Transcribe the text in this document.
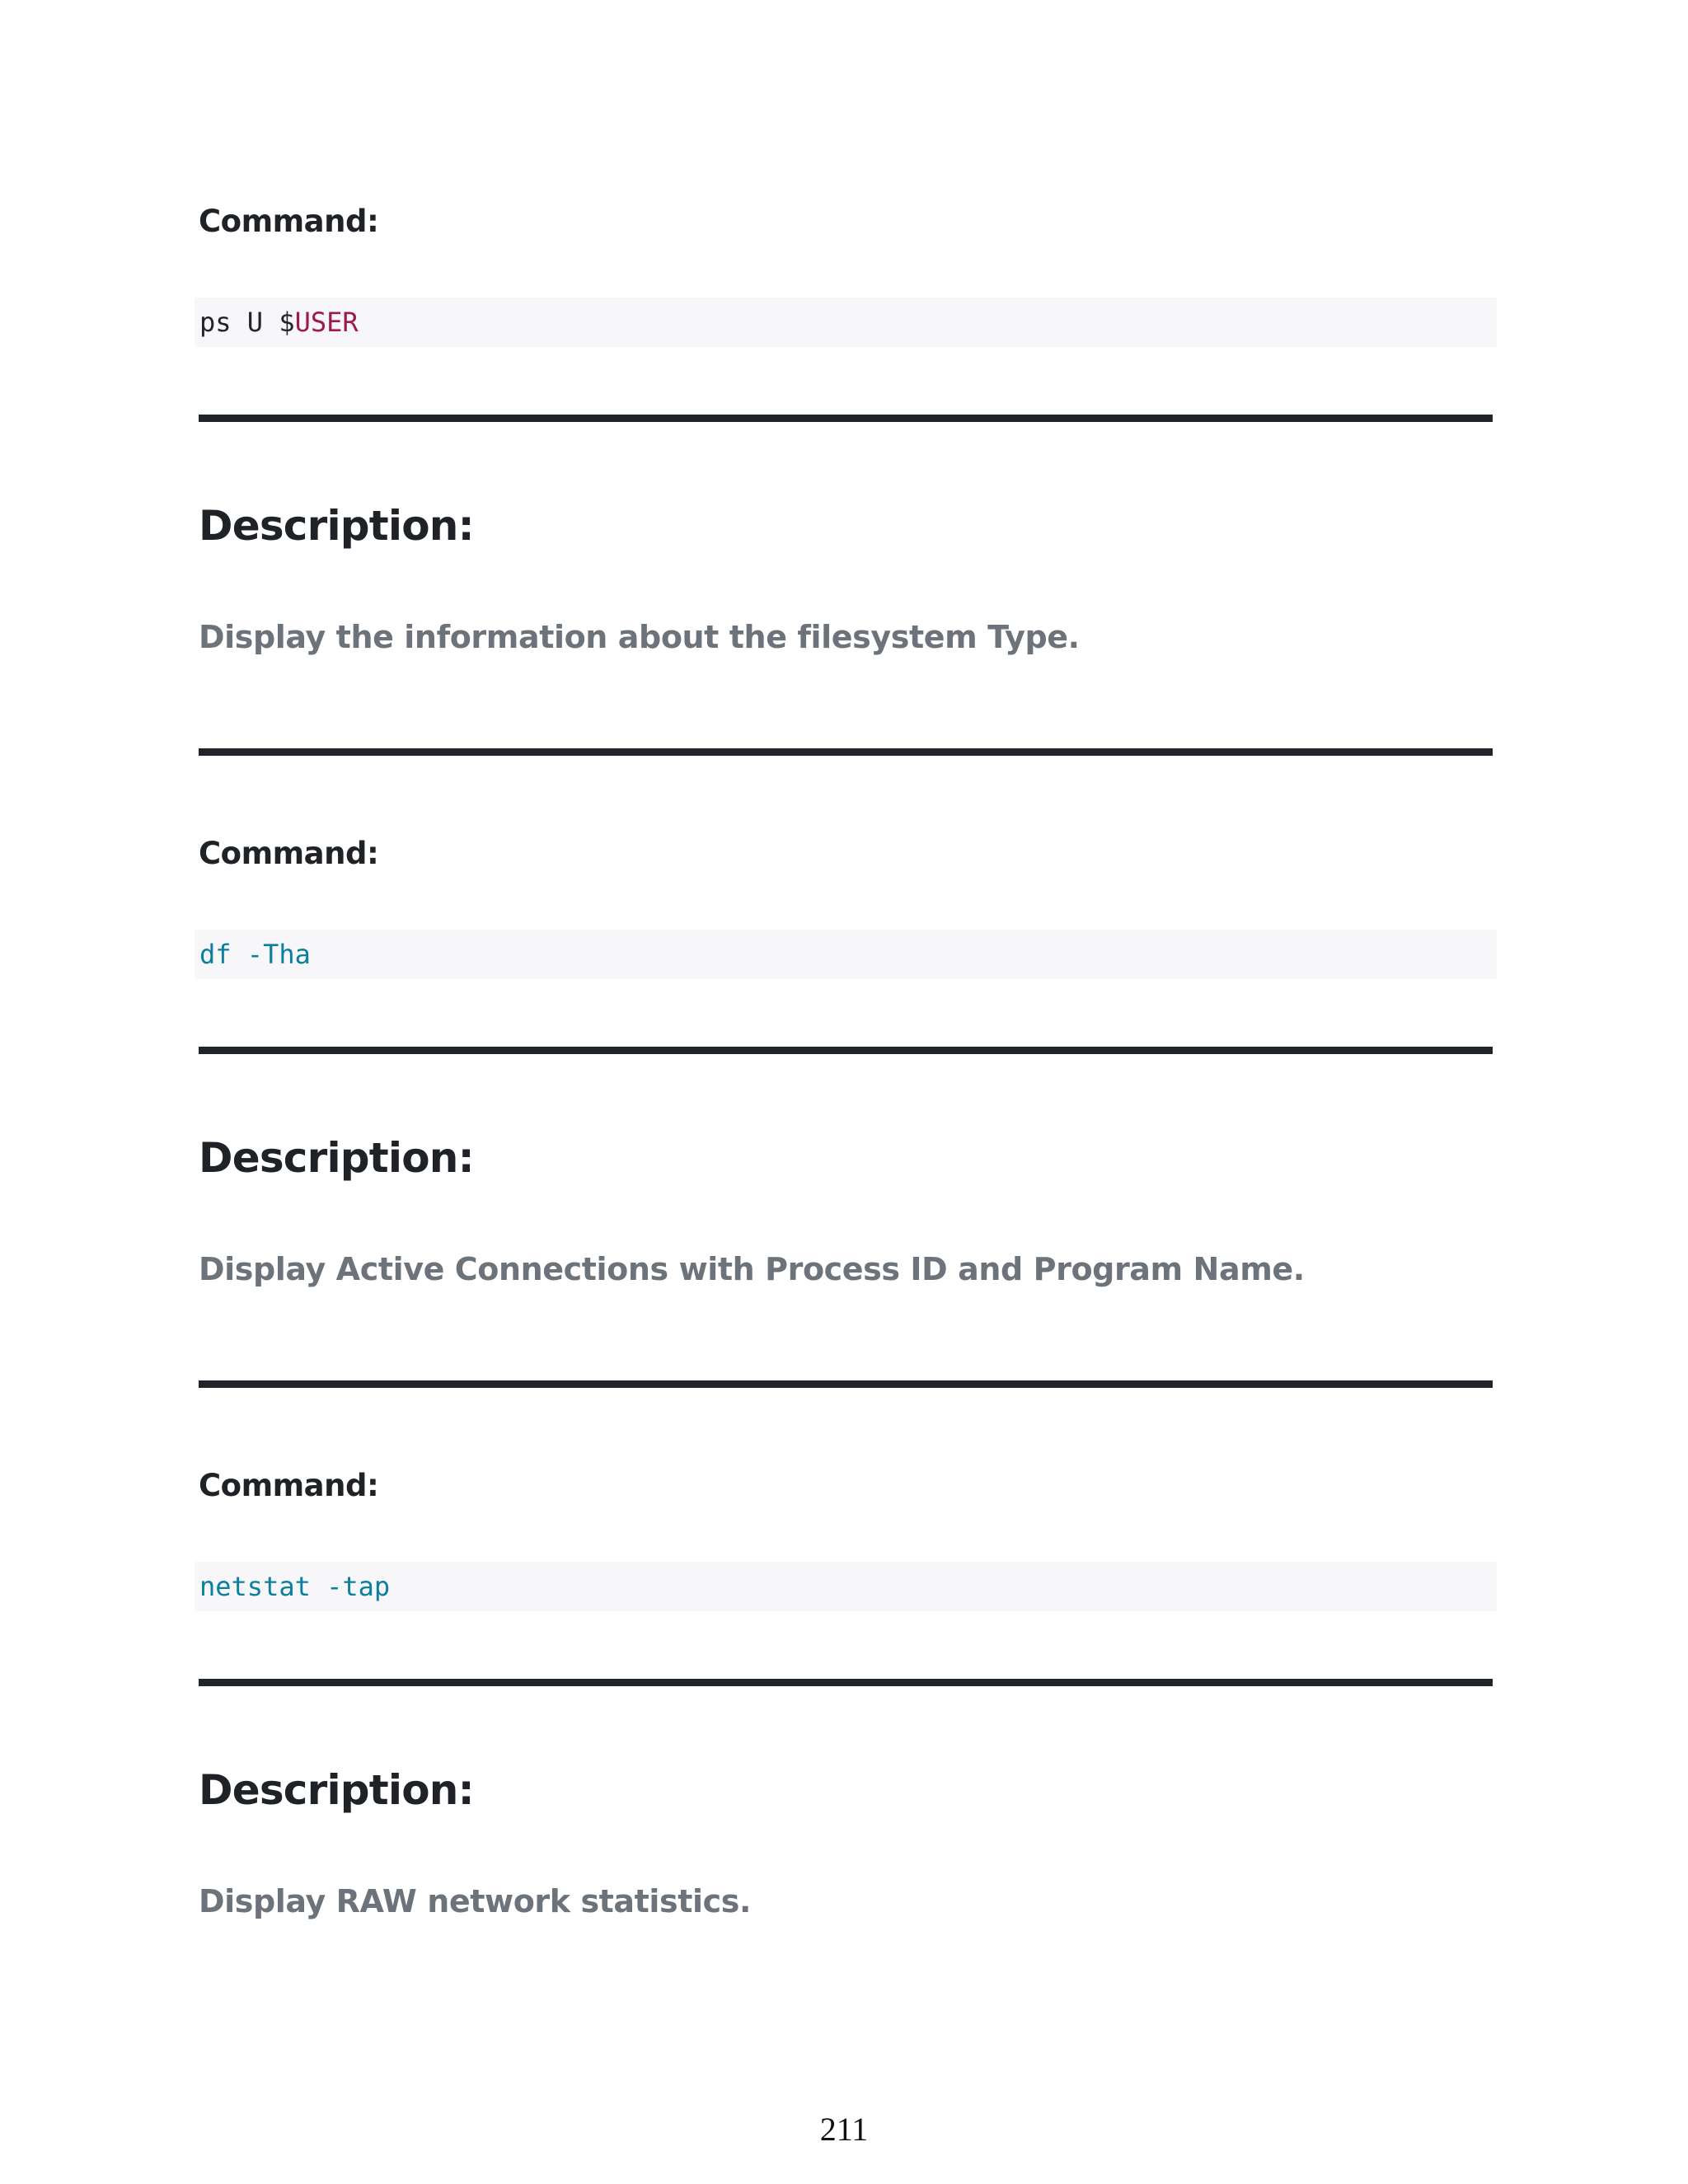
Command:
ps U $USER
Description:
Display the information about the filesystem Type.
Command:
df -Tha
Description:
Display Active Connections with Process ID and Program Name.
Command:
netstat -tap
Description:
Display RAW network statistics.
211
